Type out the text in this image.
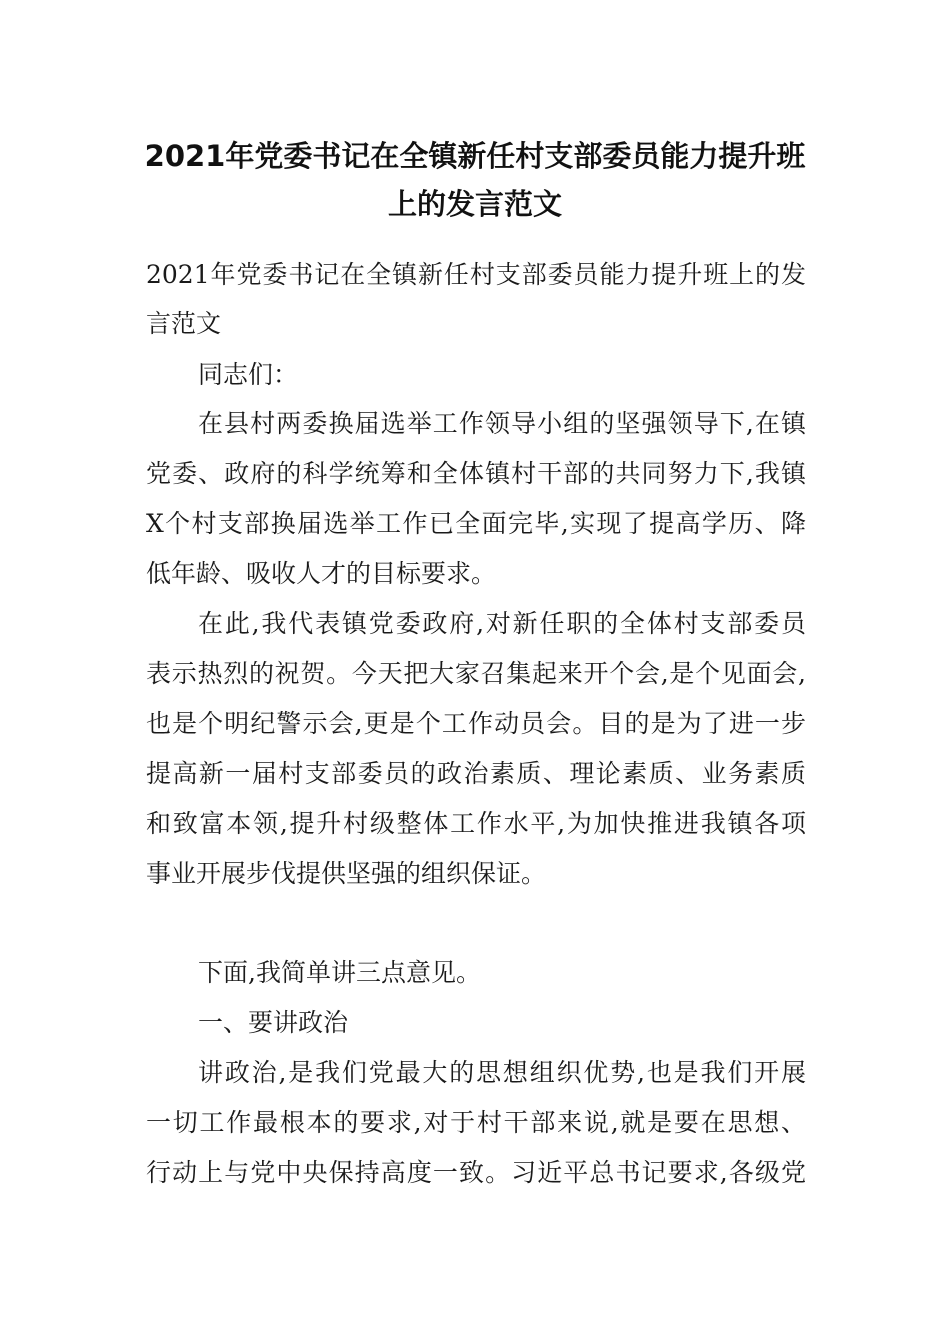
2021年党委书记在全镇新任村支部委员能力提升班
上的发言范文
2021年党委书记在全镇新任村支部委员能力提升班上的发
言范文
同志们：
在县村两委换届选举工作领导小组的坚强领导下,在镇
党委、政府的科学统筹和全体镇村干部的共同努力下,我镇
X个村支部换届选举工作已全面完毕,实现了提高学历、降
低年龄、吸收人才的目标要求。
在此,我代表镇党委政府,对新任职的全体村支部委员
表示热烈的祝贺。今天把大家召集起来开个会,是个见面会,
也是个明纪警示会,更是个工作动员会。目的是为了进一步
提高新一届村支部委员的政治素质、理论素质、业务素质
和致富本领,提升村级整体工作水平,为加快推进我镇各项
事业开展步伐提供坚强的组织保证。
下面,我简单讲三点意见。
一、要讲政治
讲政治,是我们党最大的思想组织优势,也是我们开展
一切工作最根本的要求,对于村干部来说,就是要在思想、
行动上与党中央保持高度一致。习近平总书记要求,各级党
